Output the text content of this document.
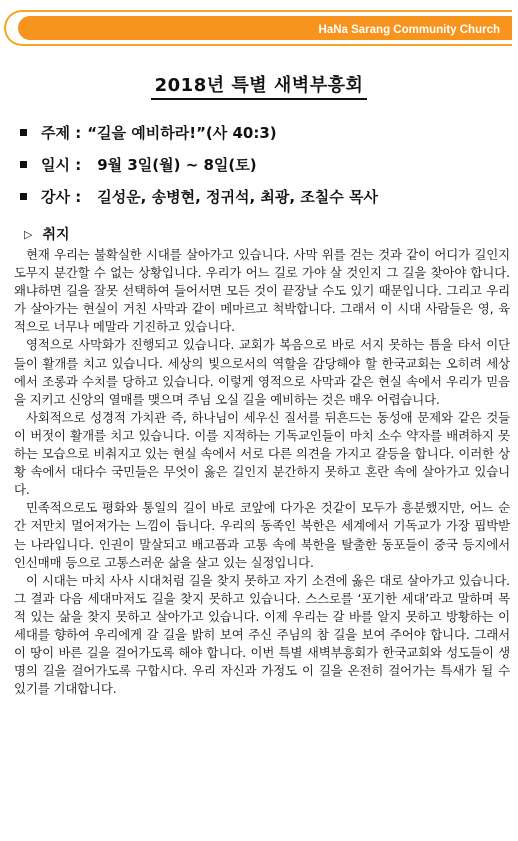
HaNa Sarang Community Church
2018년 특별 새벽부흥회
주제 : “길을 예비하라!”(사 40:3)
일시 : 9월 3일(월) ~ 8일(토)
강사 : 길성운, 송병현, 정귀석, 최광, 조칠수 목사
▷ 취지

현재 우리는 불확실한 시대를 살아가고 있습니다. 사막 위를 걷는 것과 같이 어디가 길인지 도무지 분간할 수 없는 상황입니다. 우리가 어느 길로 가야 살 것인지 그 길을 찾아야 합니다. 왜냐하면 길을 잘못 선택하여 들어서면 모든 것이 끝장날 수도 있기 때문입니다. 그리고 우리가 살아가는 현실이 거친 사막과 같이 메마르고 척박합니다. 그래서 이 시대 사람들은 영, 육적으로 너무나 메말라 기진하고 있습니다.

영적으로 사막화가 진행되고 있습니다. 교회가 복음으로 바로 서지 못하는 틈을 타서 이단들이 활개를 치고 있습니다. 세상의 빛으로서의 역할을 감당해야 할 한국교회는 오히려 세상에서 조롱과 수치를 당하고 있습니다. 이렇게 영적으로 사막과 같은 현실 속에서 우리가 믿음을 지키고 신앙의 열매를 맺으며 주님 오실 길을 예비하는 것은 매우 어렵습니다.

사회적으로 성경적 가치관 즉, 하나님이 세우신 질서를 뒤흔드는 동성애 문제와 같은 것들이 버젓이 활개를 치고 있습니다. 이를 지적하는 기독교인들이 마치 소수 약자를 배려하지 못하는 모습으로 비춰지고 있는 현실 속에서 서로 다른 의견을 가지고 갈등을 합니다. 이러한 상황 속에서 대다수 국민들은 무엇이 옳은 길인지 분간하지 못하고 혼란 속에 살아가고 있습니다.

민족적으로도 평화와 통일의 길이 바로 코앞에 다가온 것같이 모두가 흥분했지만, 어느 순간 저만치 멀어져가는 느낌이 듭니다. 우리의 동족인 북한은 세계에서 기독교가 가장 핍박받는 나라입니다. 인권이 말살되고 배고픔과 고통 속에 북한을 탈출한 동포들이 중국 등지에서 인신매매 등으로 고통스러운 삶을 살고 있는 실정입니다.

이 시대는 마치 사사 시대처럼 길을 찾지 못하고 자기 소견에 옳은 대로 살아가고 있습니다. 그 결과 다음 세대마저도 길을 찾지 못하고 있습니다. 스스로를 ‘포기한 세대’라고 말하며 목적 있는 삶을 찾지 못하고 살아가고 있습니다. 이제 우리는 갈 바를 알지 못하고 방황하는 이 세대를 향하여 우리에게 갈 길을 밝히 보여 주신 주님의 참 길을 보여 주어야 합니다. 그래서 이 땅이 바른 길을 걸어가도록 해야 합니다. 이번 특별 새벽부흥회가 한국교회와 성도들이 생명의 길을 걸어가도록 구합시다. 우리 자신과 가정도 이 길을 온전히 걸어가는 특새가 될 수 있기를 기대합니다.
